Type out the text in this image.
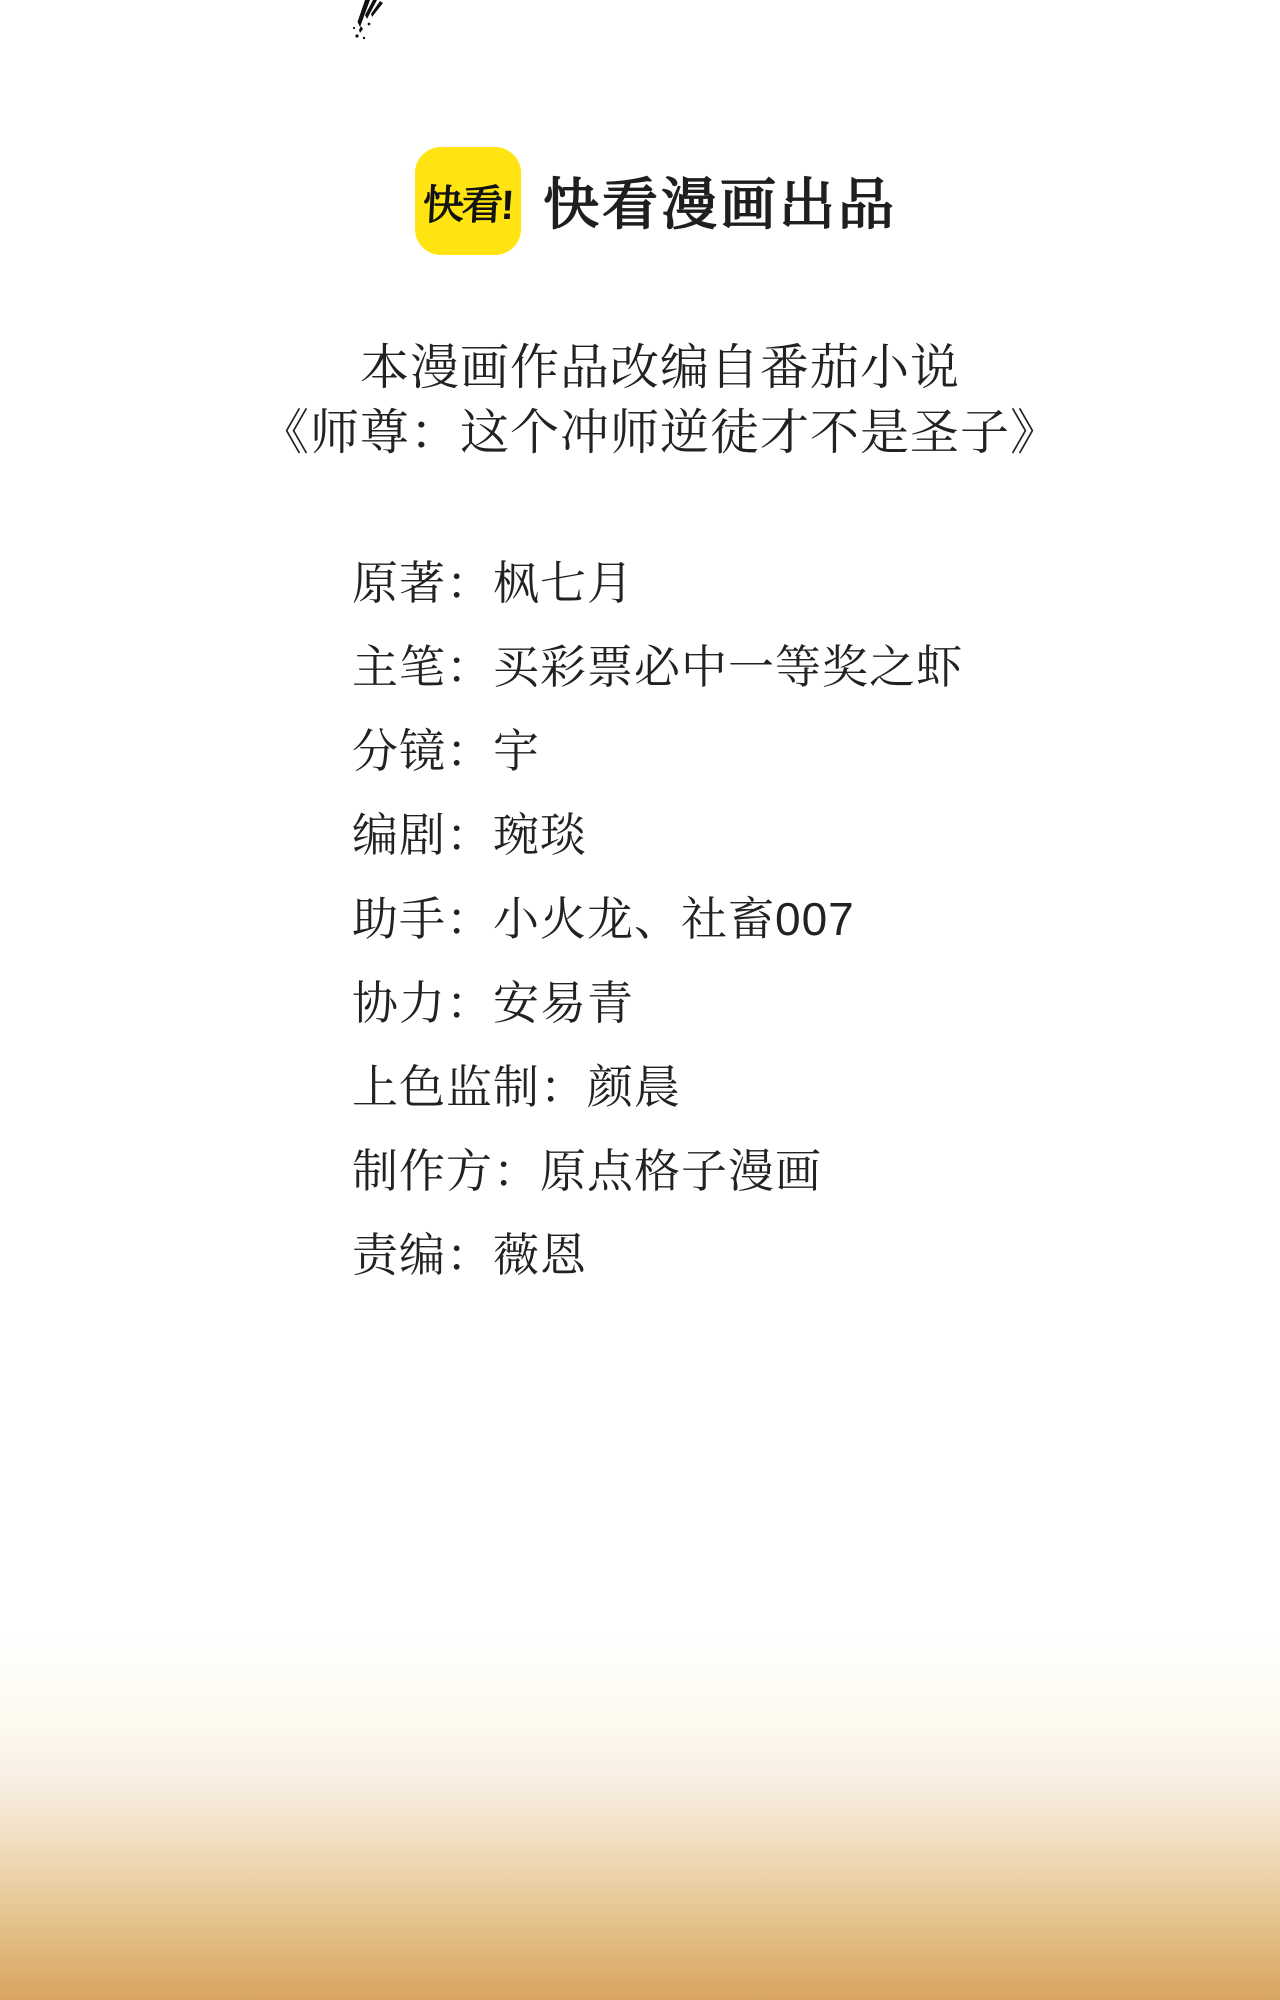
快看! 快看漫画出品
本漫画作品改编自番茄小说
《师尊：这个冲师逆徒才不是圣子》
原著：枫七月
主笔：买彩票必中一等奖之虾
分镜：宇
编剧：琬琰
助手：小火龙、社畜007
协力：安易青
上色监制：颜晨
制作方：原点格子漫画
责编：薇恩
